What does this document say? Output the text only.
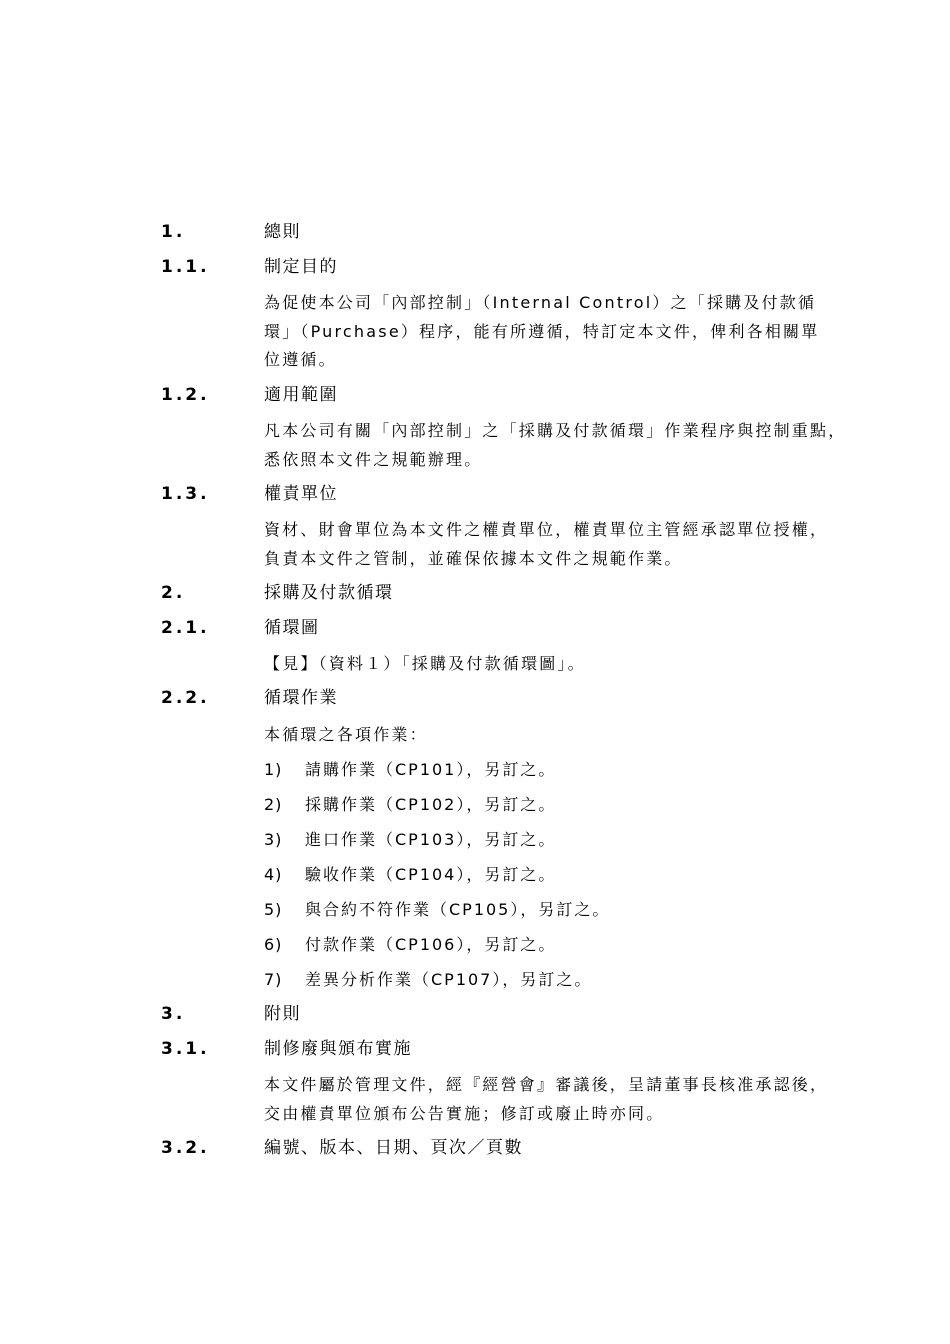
1.	總則
1.1.	制定目的
為促使本公司「內部控制」（Internal Control）之「採購及付款循
環」（Purchase）程序，能有所遵循，特訂定本文件，俾利各相關單
位遵循。
1.2.	適用範圍
凡本公司有關「內部控制」之「採購及付款循環」作業程序與控制重點，
悉依照本文件之規範辦理。
1.3.	權責單位
資材、財會單位為本文件之權責單位，權責單位主管經承認單位授權，
負責本文件之管制，並確保依據本文件之規範作業。
2.	採購及付款循環
2.1.	循環圖
【見】（資料１）「採購及付款循環圖」。
2.2.	循環作業
本循環之各項作業：
1) 請購作業（CP101），另訂之。
2) 採購作業（CP102），另訂之。
3) 進口作業（CP103），另訂之。
4) 驗收作業（CP104），另訂之。
5) 與合約不符作業（CP105），另訂之。
6) 付款作業（CP106），另訂之。
7) 差異分析作業（CP107），另訂之。
3.	附則
3.1.	制修廢與頒布實施
本文件屬於管理文件，經『經營會』審議後，呈請董事長核准承認後，
交由權責單位頒布公告實施；修訂或廢止時亦同。
3.2.	編號、版本、日期、頁次／頁數
